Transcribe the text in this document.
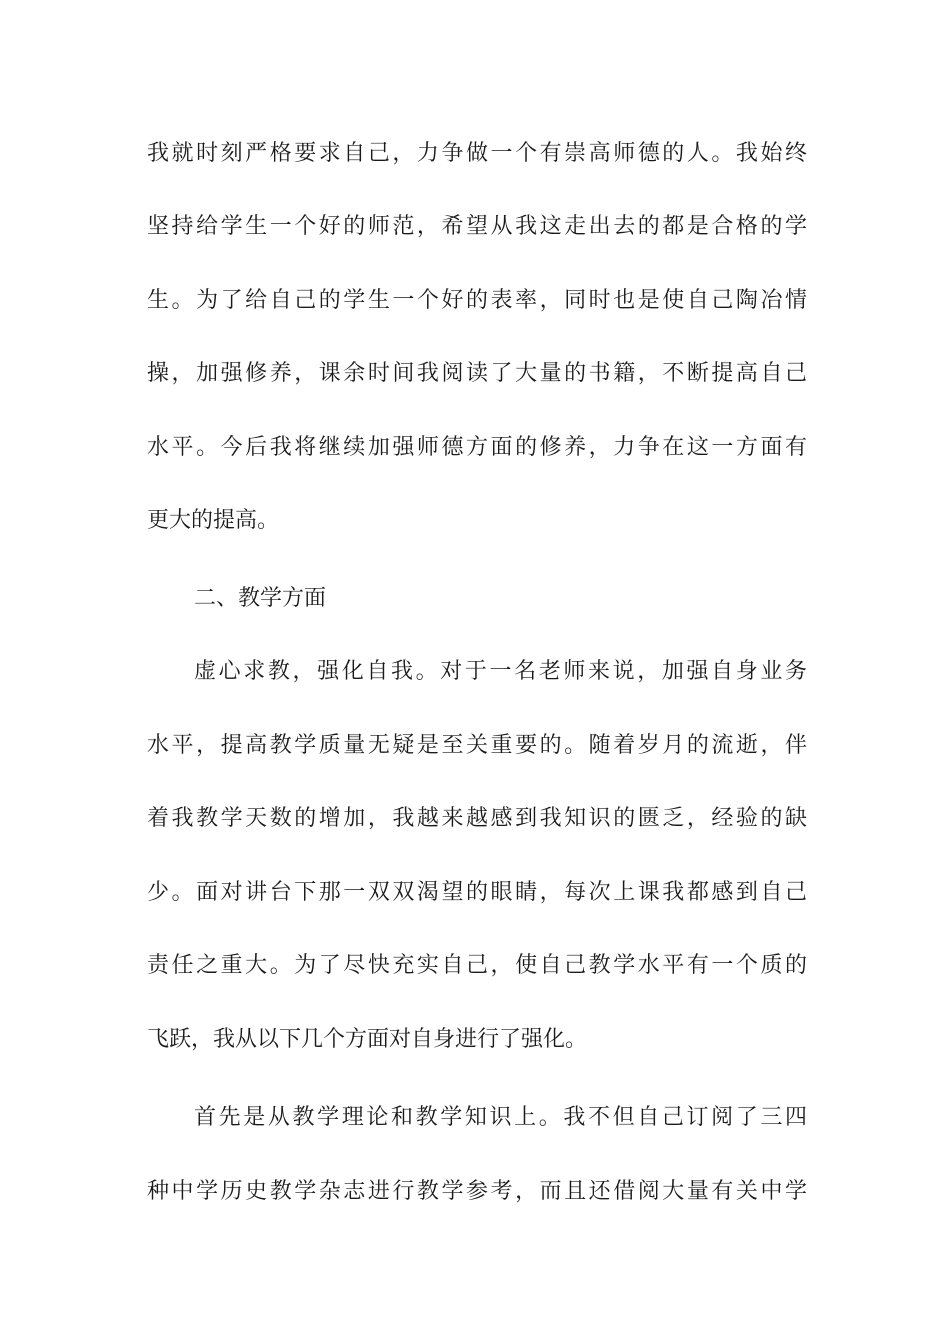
我就时刻严格要求自己，力争做一个有崇高师德的人。我始终

坚持给学生一个好的师范，希望从我这走出去的都是合格的学

生。为了给自己的学生一个好的表率，同时也是使自己陶冶情

操，加强修养，课余时间我阅读了大量的书籍，不断提高自己

水平。今后我将继续加强师德方面的修养，力争在这一方面有

更大的提高。

二、教学方面

虚心求教，强化自我。对于一名老师来说，加强自身业务

水平，提高教学质量无疑是至关重要的。随着岁月的流逝，伴

着我教学天数的增加，我越来越感到我知识的匮乏，经验的缺

少。面对讲台下那一双双渴望的眼睛，每次上课我都感到自己

责任之重大。为了尽快充实自己，使自己教学水平有一个质的

飞跃，我从以下几个方面对自身进行了强化。

首先是从教学理论和教学知识上。我不但自己订阅了三四

种中学历史教学杂志进行教学参考，而且还借阅大量有关中学
